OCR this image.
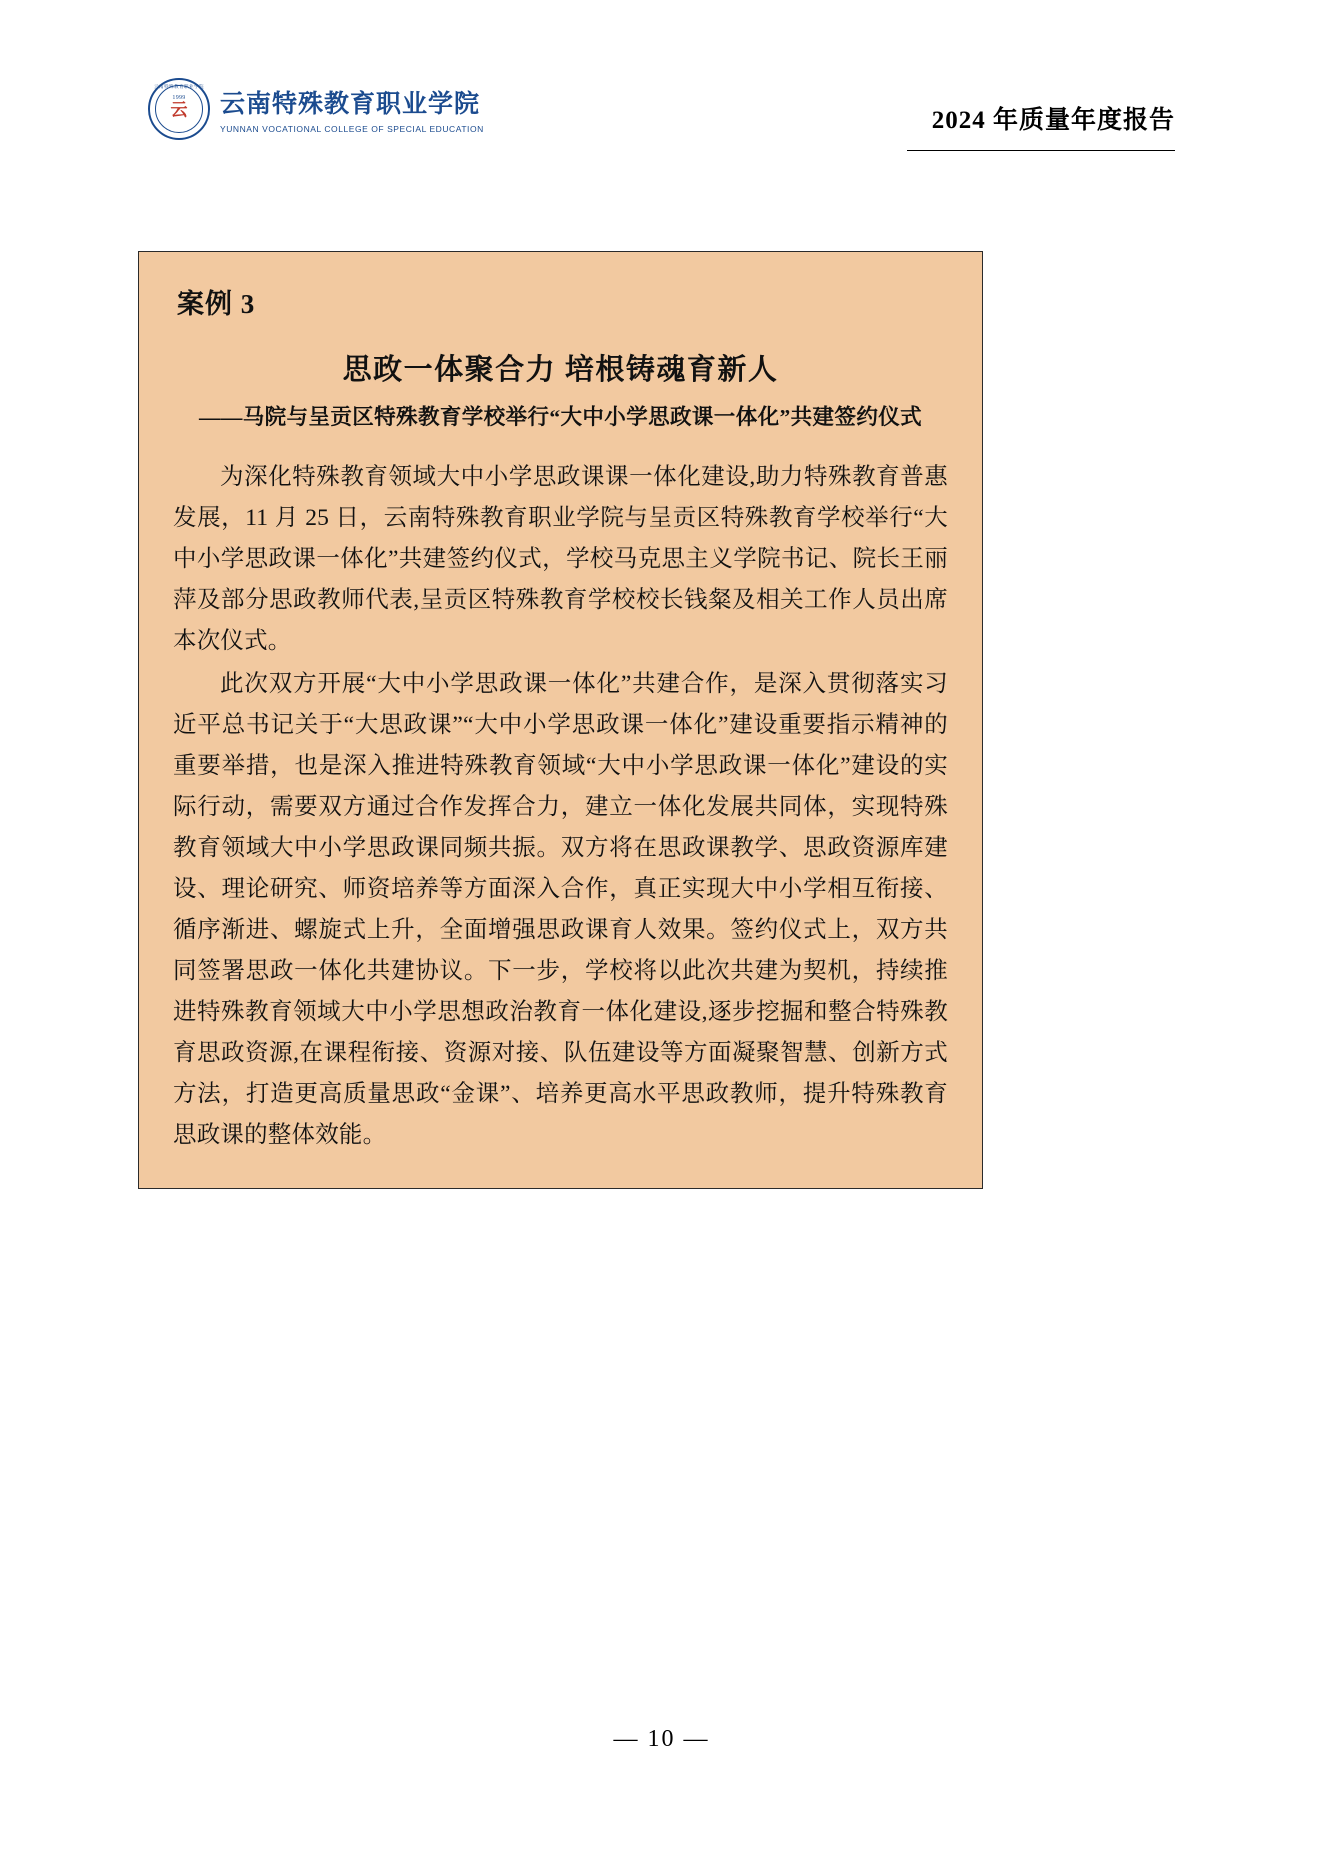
云南特殊教育职业学院
1999
云 云南特殊教育职业学院
YUNNAN VOCATIONAL COLLEGE OF SPECIAL EDUCATION	2024 年质量年度报告
案例 3
思政一体聚合力 培根铸魂育新人
——马院与呈贡区特殊教育学校举行“大中小学思政课一体化”共建签约仪式

为深化特殊教育领域大中小学思政课课一体化建设,助力特殊教育普惠发展，11 月 25 日，云南特殊教育职业学院与呈贡区特殊教育学校举行“大中小学思政课一体化”共建签约仪式，学校马克思主义学院书记、院长王丽萍及部分思政教师代表,呈贡区特殊教育学校校长钱粲及相关工作人员出席本次仪式。

此次双方开展“大中小学思政课一体化”共建合作，是深入贯彻落实习近平总书记关于“大思政课”“大中小学思政课一体化”建设重要指示精神的重要举措，也是深入推进特殊教育领域“大中小学思政课一体化”建设的实际行动，需要双方通过合作发挥合力，建立一体化发展共同体，实现特殊教育领域大中小学思政课同频共振。双方将在思政课教学、思政资源库建设、理论研究、师资培养等方面深入合作，真正实现大中小学相互衔接、循序渐进、螺旋式上升，全面增强思政课育人效果。签约仪式上，双方共同签署思政一体化共建协议。下一步，学校将以此次共建为契机，持续推进特殊教育领域大中小学思想政治教育一体化建设,逐步挖掘和整合特殊教育思政资源,在课程衔接、资源对接、队伍建设等方面凝聚智慧、创新方式方法，打造更高质量思政“金课”、培养更高水平思政教师，提升特殊教育思政课的整体效能。

— 10 —
